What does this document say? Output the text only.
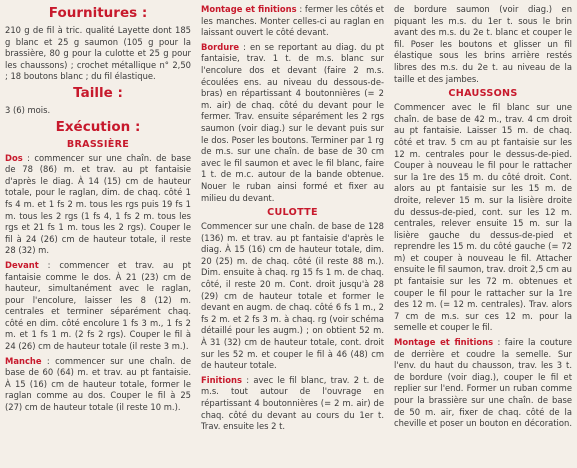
Fournitures :
210 g de fil à tric. qualité Layette dont 185 g blanc et 25 g saumon (105 g pour la brassière, 80 g pour la culotte et 25 g pour les chaussons) ; crochet métallique n° 2,50 ; 18 boutons blanc ; du fil élastique.
Taille :
3 (6) mois.
Exécution :
BRASSIÈRE
Dos : commencer sur une chaîn. de base de 78 (86) m. et trav. au pt fantaisie d'après le diag. À 14 (15) cm de hauteur totale, pour le raglan, dim. de chaq. côté 1 fs 4 m. et 1 fs 2 m. tous les rgs puis 19 fs 1 m. tous les 2 rgs (1 fs 4, 1 fs 2 m. tous les rgs et 21 fs 1 m. tous les 2 rgs). Couper le fil à 24 (26) cm de hauteur totale, il reste 28 (32) m.
Devant : commencer et trav. au pt fantaisie comme le dos. À 21 (23) cm de hauteur, simultanément avec le raglan, pour l'encolure, laisser les 8 (12) m. centrales et terminer séparément chaq. côté en dim. côté encolure 1 fs 3 m., 1 fs 2 m. et 1 fs 1 m. (2 fs 2 rgs). Couper le fil à 24 (26) cm de hauteur totale (il reste 3 m.).
Manche : commencer sur une chaîn. de base de 60 (64) m. et trav. au pt fantaisie. À 15 (16) cm de hauteur totale, former le raglan comme au dos. Couper le fil à 25 (27) cm de hauteur totale (il reste 10 m.).
Montage et finitions : fermer les côtés et les manches. Monter celles-ci au raglan en laissant ouvert le côté devant.
Bordure : en se reportant au diag. du pt fantaisie, trav. 1 t. de m.s. blanc sur l'encolure dos et devant (faire 2 m.s. écoulées ens. au niveau du dessous-de-bras) en répartissant 4 boutonnières (= 2 m. air) de chaq. côté du devant pour le fermer. Trav. ensuite séparément les 2 rgs saumon (voir diag.) sur le devant puis sur le dos. Poser les boutons. Terminer par 1 rg de m.s. sur une chaîn. de base de 30 cm avec le fil saumon et avec le fil blanc, faire 1 t. de m.c. autour de la bande obtenue. Nouer le ruban ainsi formé et fixer au milieu du devant.
CULOTTE
Commencer sur une chaîn. de base de 128 (136) m. et trav. au pt fantaisie d'après le diag. À 15 (16) cm de hauteur totale, dim. 20 (25) m. de chaq. côté (il reste 88 m.). Dim. ensuite à chaq. rg 15 fs 1 m. de chaq. côté, il reste 20 m. Cont. droit jusqu'à 28 (29) cm de hauteur totale et former le devant en augm. de chaq. côté 6 fs 1 m., 2 fs 2 m. et 2 fs 3 m. à chaq. rg (voir schéma détaillé pour les augm.) ; on obtient 52 m. À 31 (32) cm de hauteur totale, cont. droit sur les 52 m. et couper le fil à 46 (48) cm de hauteur totale.
Finitions : avec le fil blanc, trav. 2 t. de m.s. tout autour de l'ouvrage en répartissant 4 boutonnières (= 2 m. air) de chaq. côté du devant au cours du 1er t. Trav. ensuite les 2 t.
de bordure saumon (voir diag.) en piquant les m.s. du 1er t. sous le brin avant des m.s. du 2e t. blanc et couper le fil. Poser les boutons et glisser un fil élastique sous les brins arrière restés libres des m.s. du 2e t. au niveau de la taille et des jambes.
CHAUSSONS
Commencer avec le fil blanc sur une chaîn. de base de 42 m., trav. 4 cm droit au pt fantaisie. Laisser 15 m. de chaq. côté et trav. 5 cm au pt fantaisie sur les 12 m. centrales pour le dessus-de-pied. Couper à nouveau le fil pour le rattacher sur la 1re des 15 m. du côté droit. Cont. alors au pt fantaisie sur les 15 m. de droite, relever 15 m. sur la lisière droite du dessus-de-pied, cont. sur les 12 m. centrales, relever ensuite 15 m. sur la lisière gauche du dessus-de-pied et reprendre les 15 m. du côté gauche (= 72 m) et couper à nouveau le fil. Attacher ensuite le fil saumon, trav. droit 2,5 cm au pt fantaisie sur les 72 m. obtenues et couper le fil pour le rattacher sur la 1re des 12 m. (= 12 m. centrales). Trav. alors 7 cm de m.s. sur ces 12 m. pour la semelle et couper le fil.
Montage et finitions : faire la couture de derrière et coudre la semelle. Sur l'env. du haut du chausson, trav. les 3 t. de bordure (voir diag.), couper le fil et replier sur l'end. Former un ruban comme pour la brassière sur une chaîn. de base de 50 m. air, fixer de chaq. côté de la cheville et poser un bouton en décoration.
